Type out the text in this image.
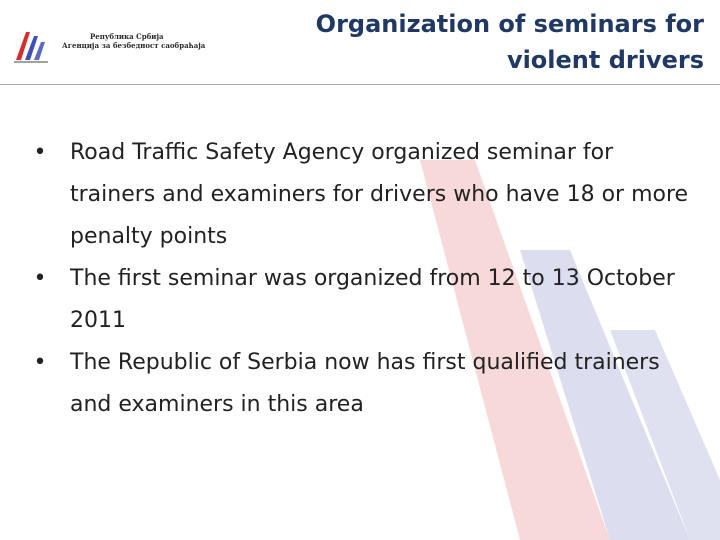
Република Србија
Агенција за безбедност саобраћаја
Organization of seminars for
violent drivers
• Road Traffic Safety Agency organized seminar for trainers and examiners for drivers who have 18 or more penalty points
• The first seminar was organized from 12 to 13 October 2011
• The Republic of Serbia now has first qualified trainers and examiners in this area
